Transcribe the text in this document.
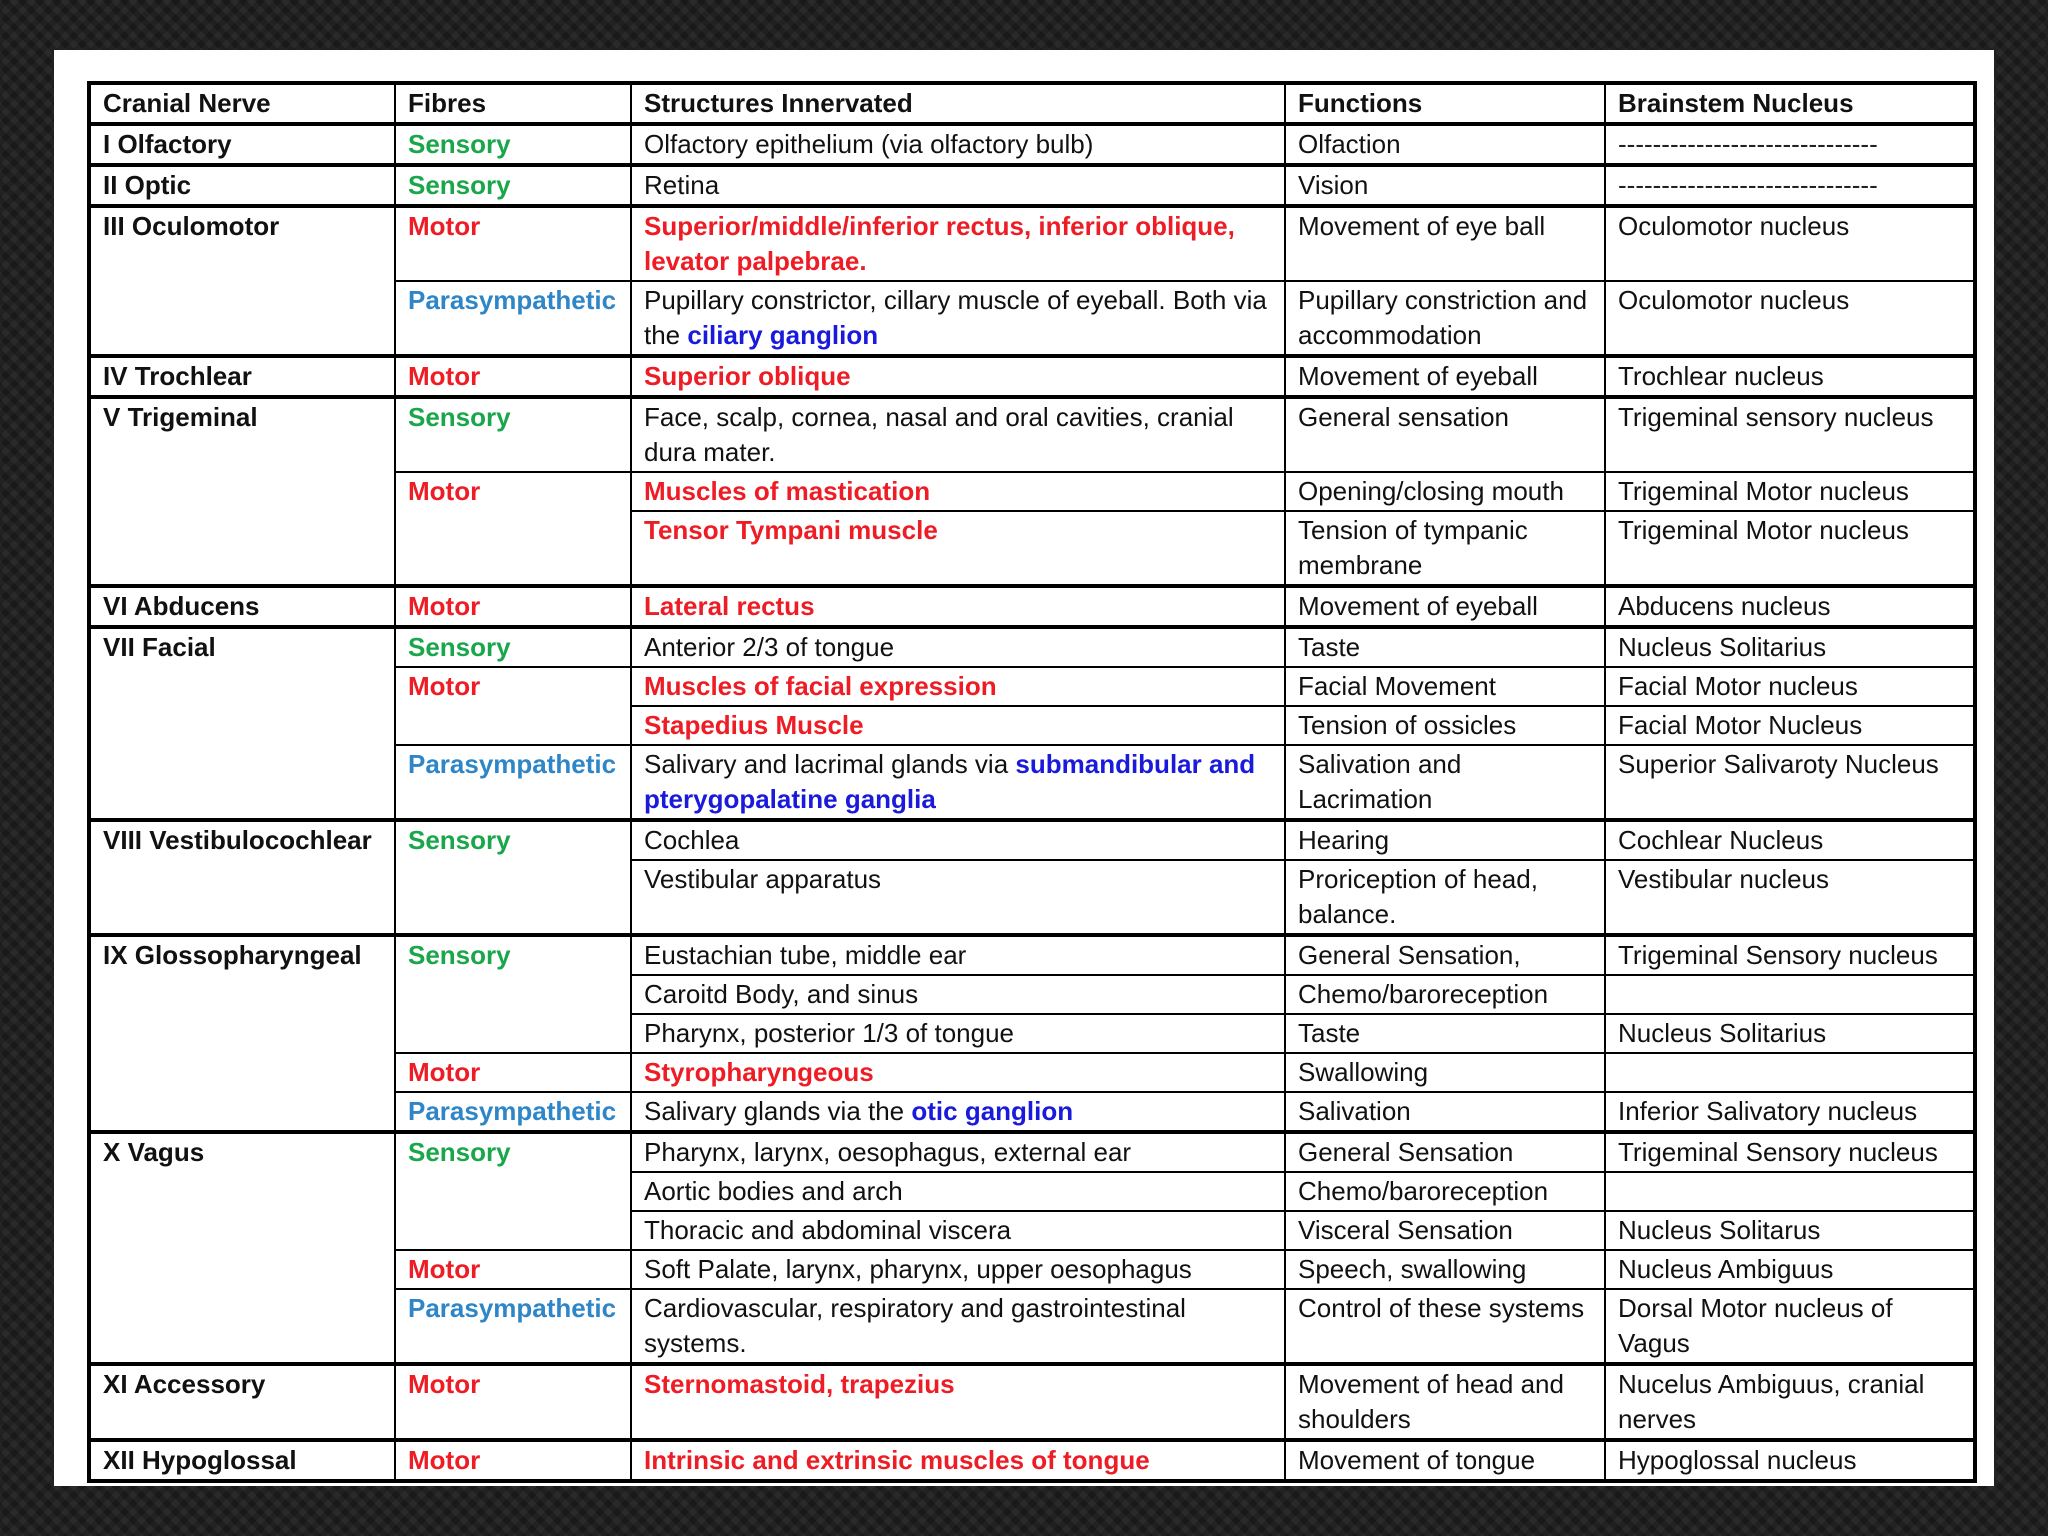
Cranial Nerve	Fibres	Structures Innervated	Functions	Brainstem Nucleus
I Olfactory	Sensory	Olfactory epithelium (via olfactory bulb)	Olfaction	------------------------------
II Optic	Sensory	Retina	Vision	------------------------------
III Oculomotor	Motor	Superior/middle/inferior rectus, inferior oblique, levator palpebrae.	Movement of eye ball	Oculomotor nucleus
	Parasympathetic	Pupillary constrictor, cillary muscle of eyeball. Both via the ciliary ganglion	Pupillary constriction and accommodation	Oculomotor nucleus
IV Trochlear	Motor	Superior oblique	Movement of eyeball	Trochlear nucleus
V Trigeminal	Sensory	Face, scalp, cornea, nasal and oral cavities, cranial dura mater.	General sensation	Trigeminal sensory nucleus
	Motor	Muscles of mastication	Opening/closing mouth	Trigeminal Motor nucleus
		Tensor Tympani muscle	Tension of tympanic membrane	Trigeminal Motor nucleus
VI Abducens	Motor	Lateral rectus	Movement of eyeball	Abducens nucleus
VII Facial	Sensory	Anterior 2/3 of tongue	Taste	Nucleus Solitarius
	Motor	Muscles of facial expression	Facial Movement	Facial Motor nucleus
		Stapedius Muscle	Tension of ossicles	Facial Motor Nucleus
	Parasympathetic	Salivary and lacrimal glands via submandibular and pterygopalatine ganglia	Salivation and Lacrimation	Superior Salivaroty Nucleus
VIII Vestibulocochlear	Sensory	Cochlea	Hearing	Cochlear Nucleus
		Vestibular apparatus	Proriception of head, balance.	Vestibular nucleus
IX Glossopharyngeal	Sensory	Eustachian tube, middle ear	General Sensation,	Trigeminal Sensory nucleus
		Caroitd Body, and sinus	Chemo/baroreception	
		Pharynx, posterior 1/3 of tongue	Taste	Nucleus Solitarius
	Motor	Styropharyngeous	Swallowing	
	Parasympathetic	Salivary glands via the otic ganglion	Salivation	Inferior Salivatory nucleus
X Vagus	Sensory	Pharynx, larynx, oesophagus, external ear	General Sensation	Trigeminal Sensory nucleus
		Aortic bodies and arch	Chemo/baroreception	
		Thoracic and abdominal viscera	Visceral Sensation	Nucleus Solitarus
	Motor	Soft Palate, larynx, pharynx, upper oesophagus	Speech, swallowing	Nucleus Ambiguus
	Parasympathetic	Cardiovascular, respiratory and gastrointestinal systems.	Control of these systems	Dorsal Motor nucleus of Vagus
XI Accessory	Motor	Sternomastoid, trapezius	Movement of head and shoulders	Nucelus Ambiguus, cranial nerves
XII Hypoglossal	Motor	Intrinsic and extrinsic muscles of tongue	Movement of tongue	Hypoglossal nucleus
